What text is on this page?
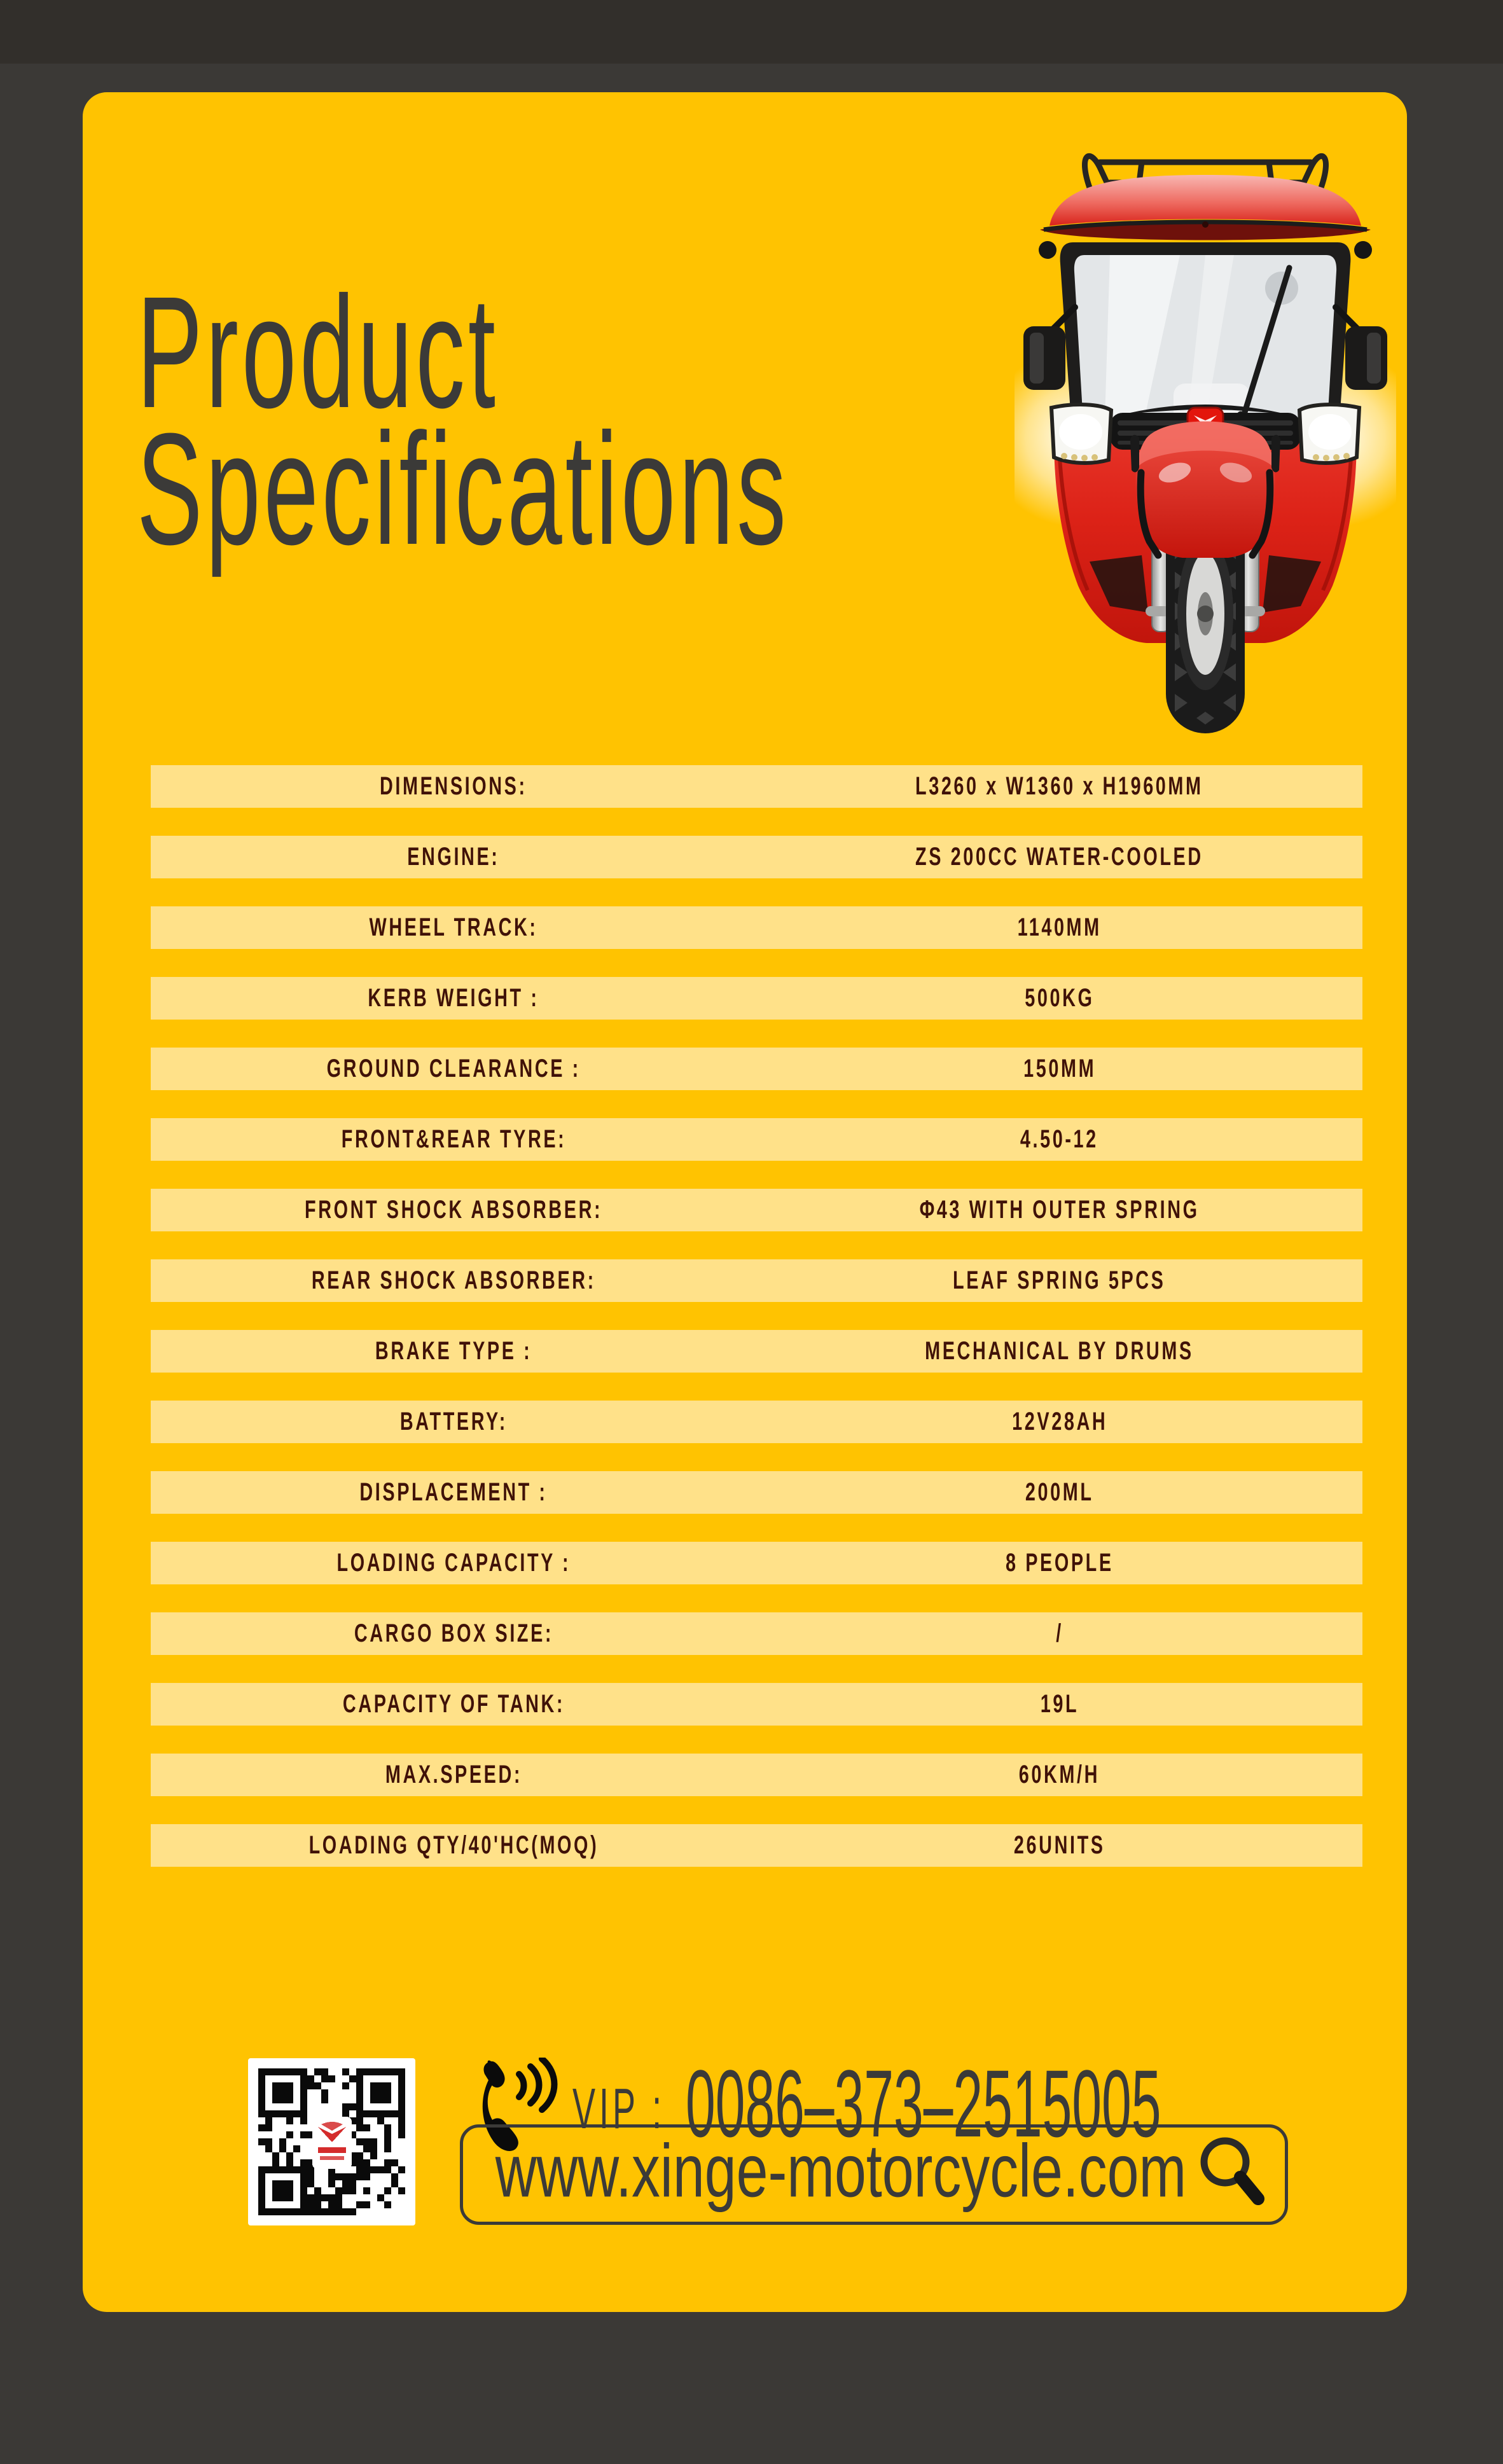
Product
Specifications
DIMENSIONS:	L3260 x W1360 x H1960MM
ENGINE:	ZS 200CC WATER-COOLED
WHEEL TRACK:	1140MM
KERB WEIGHT :	500KG
GROUND CLEARANCE :	150MM
FRONT&REAR TYRE:	4.50-12
FRONT SHOCK ABSORBER:	Φ43 WITH OUTER SPRING
REAR SHOCK ABSORBER:	LEAF SPRING 5PCS
BRAKE TYPE :	MECHANICAL BY DRUMS
BATTERY:	12V28AH
DISPLACEMENT :	200ML
LOADING CAPACITY :	8 PEOPLE
CARGO BOX SIZE:	/
CAPACITY OF TANK:	19L
MAX.SPEED:	60KM/H
LOADING QTY/40'HC(MOQ)	26UNITS
VIP : 0086–373–2515005
www.xinge-motorcycle.com
